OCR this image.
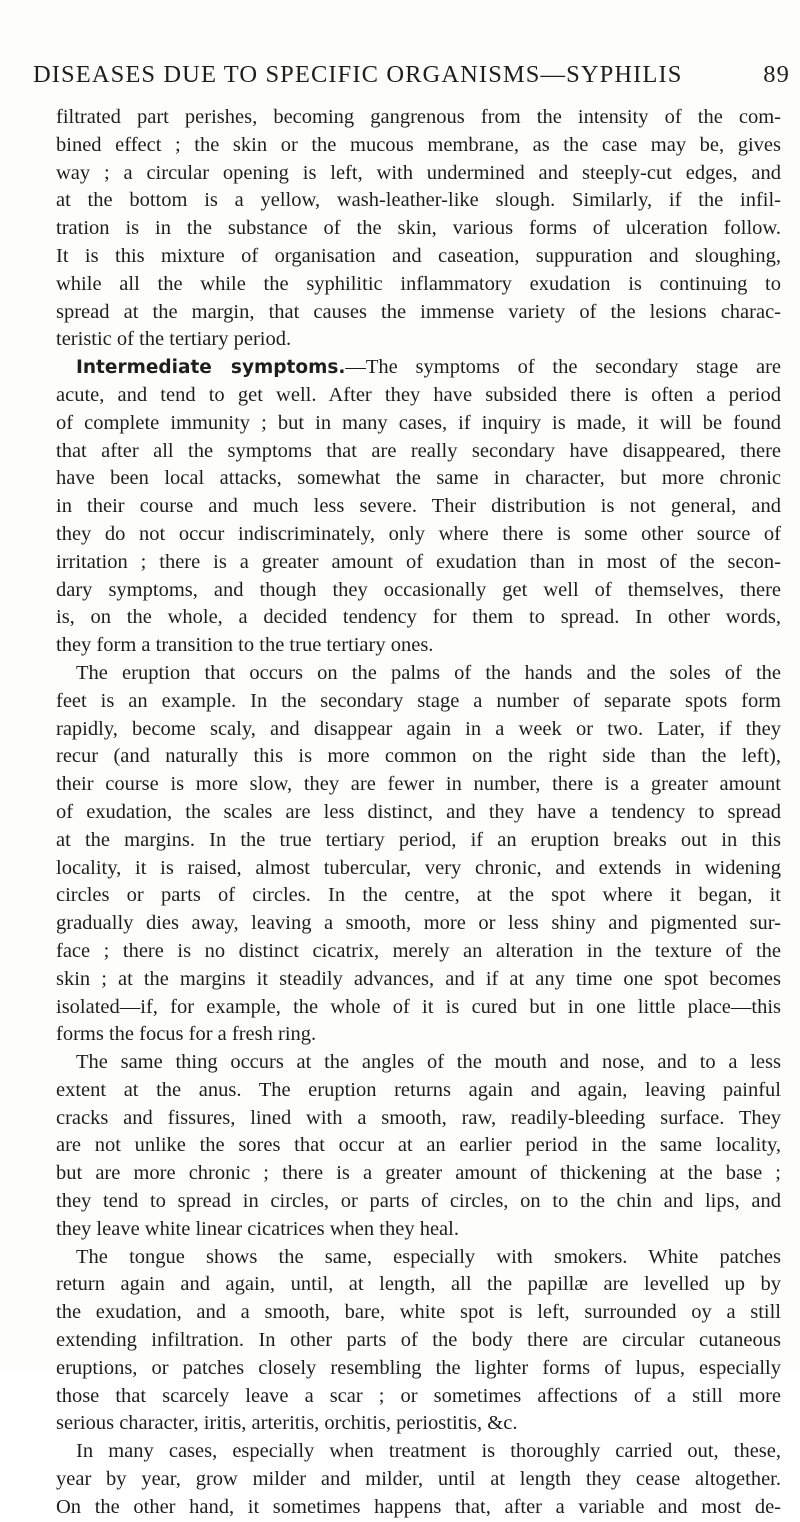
DISEASES DUE TO SPECIFIC ORGANISMS—SYPHILIS	89
filtrated part perishes, becoming gangrenous from the intensity of the com-
bined effect ; the skin or the mucous membrane, as the case may be, gives
way ; a circular opening is left, with undermined and steeply-cut edges, and
at the bottom is a yellow, wash-leather-like slough. Similarly, if the infil-
tration is in the substance of the skin, various forms of ulceration follow.
It is this mixture of organisation and caseation, suppuration and sloughing,
while all the while the syphilitic inflammatory exudation is continuing to
spread at the margin, that causes the immense variety of the lesions charac-
teristic of the tertiary period.
Intermediate symptoms.—The symptoms of the secondary stage are
acute, and tend to get well. After they have subsided there is often a period
of complete immunity ; but in many cases, if inquiry is made, it will be found
that after all the symptoms that are really secondary have disappeared, there
have been local attacks, somewhat the same in character, but more chronic
in their course and much less severe. Their distribution is not general, and
they do not occur indiscriminately, only where there is some other source of
irritation ; there is a greater amount of exudation than in most of the secon-
dary symptoms, and though they occasionally get well of themselves, there
is, on the whole, a decided tendency for them to spread. In other words,
they form a transition to the true tertiary ones.
The eruption that occurs on the palms of the hands and the soles of the
feet is an example. In the secondary stage a number of separate spots form
rapidly, become scaly, and disappear again in a week or two. Later, if they
recur (and naturally this is more common on the right side than the left),
their course is more slow, they are fewer in number, there is a greater amount
of exudation, the scales are less distinct, and they have a tendency to spread
at the margins. In the true tertiary period, if an eruption breaks out in this
locality, it is raised, almost tubercular, very chronic, and extends in widening
circles or parts of circles. In the centre, at the spot where it began, it
gradually dies away, leaving a smooth, more or less shiny and pigmented sur-
face ; there is no distinct cicatrix, merely an alteration in the texture of the
skin ; at the margins it steadily advances, and if at any time one spot becomes
isolated—if, for example, the whole of it is cured but in one little place—this
forms the focus for a fresh ring.
The same thing occurs at the angles of the mouth and nose, and to a less
extent at the anus. The eruption returns again and again, leaving painful
cracks and fissures, lined with a smooth, raw, readily-bleeding surface. They
are not unlike the sores that occur at an earlier period in the same locality,
but are more chronic ; there is a greater amount of thickening at the base ;
they tend to spread in circles, or parts of circles, on to the chin and lips, and
they leave white linear cicatrices when they heal.
The tongue shows the same, especially with smokers. White patches
return again and again, until, at length, all the papillæ are levelled up by
the exudation, and a smooth, bare, white spot is left, surrounded oy a still
extending infiltration. In other parts of the body there are circular cutaneous
eruptions, or patches closely resembling the lighter forms of lupus, especially
those that scarcely leave a scar ; or sometimes affections of a still more
serious character, iritis, arteritis, orchitis, periostitis, &c.
In many cases, especially when treatment is thoroughly carried out, these,
year by year, grow milder and milder, until at length they cease altogether.
On the other hand, it sometimes happens that, after a variable and most de-
